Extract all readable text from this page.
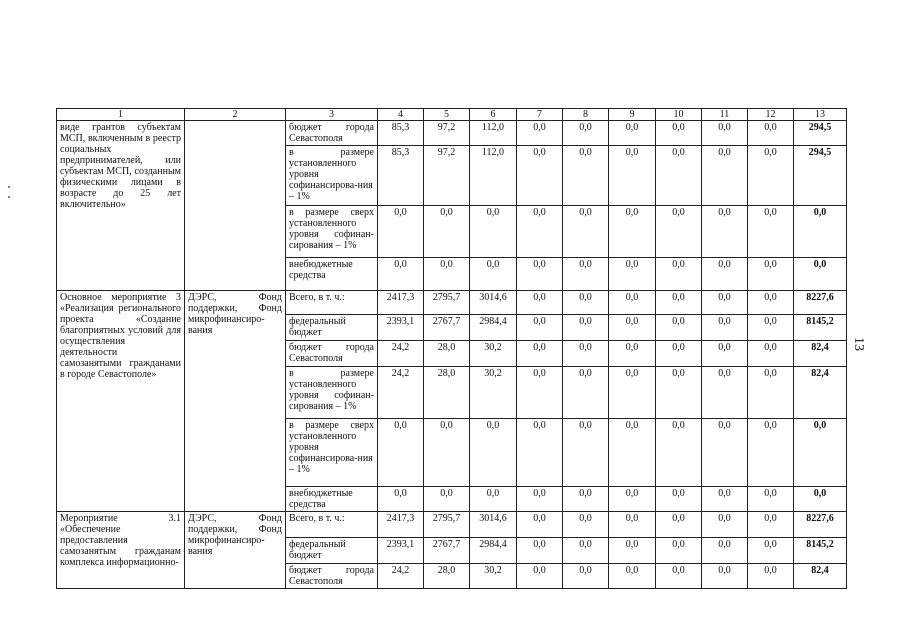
1	2	3	4	5	6	7	8	9	10	11	12	13
виде грантов субъектам МСП, включенным в реестр социальных предпринимателей, или субъектам МСП, созданным физическими лицами в возрасте до 25 лет включительно»		бюджет города Севастополя	85,3	97,2	112,0	0,0	0,0	0,0	0,0	0,0	0,0	294,5
		в размере установленного уровня софинансирова-ния – 1%	85,3	97,2	112,0	0,0	0,0	0,0	0,0	0,0	0,0	294,5
		в размере сверх установленного уровня софинан-сирования – 1%	0,0	0,0	0,0	0,0	0,0	0,0	0,0	0,0	0,0	0,0
		внебюджетные средства	0,0	0,0	0,0	0,0	0,0	0,0	0,0	0,0	0,0	0,0
Основное мероприятие 3 «Реализация регионального проекта «Создание благоприятных условий для осуществления деятельности самозанятыми гражданами в городе Севастополе»	ДЭРС, Фонд поддержки, Фонд микрофинансиро-вания	Всего, в т. ч.:	2417,3	2795,7	3014,6	0,0	0,0	0,0	0,0	0,0	0,0	8227,6
		федеральный бюджет	2393,1	2767,7	2984,4	0,0	0,0	0,0	0,0	0,0	0,0	8145,2
		бюджет города Севастополя	24,2	28,0	30,2	0,0	0,0	0,0	0,0	0,0	0,0	82,4
		в размере установленного уровня софинан-сирования – 1%	24,2	28,0	30,2	0,0	0,0	0,0	0,0	0,0	0,0	82,4
		в размере сверх установленного уровня софинансирова-ния – 1%	0,0	0,0	0,0	0,0	0,0	0,0	0,0	0,0	0,0	0,0
		внебюджетные средства	0,0	0,0	0,0	0,0	0,0	0,0	0,0	0,0	0,0	0,0
Мероприятие 3.1 «Обеспечение предоставления самозанятым гражданам комплекса информационно-	ДЭРС, Фонд поддержки, Фонд микрофинансиро-вания	Всего, в т. ч.:	2417,3	2795,7	3014,6	0,0	0,0	0,0	0,0	0,0	0,0	8227,6
		федеральный бюджет	2393,1	2767,7	2984,4	0,0	0,0	0,0	0,0	0,0	0,0	8145,2
		бюджет города Севастополя	24,2	28,0	30,2	0,0	0,0	0,0	0,0	0,0	0,0	82,4
13
